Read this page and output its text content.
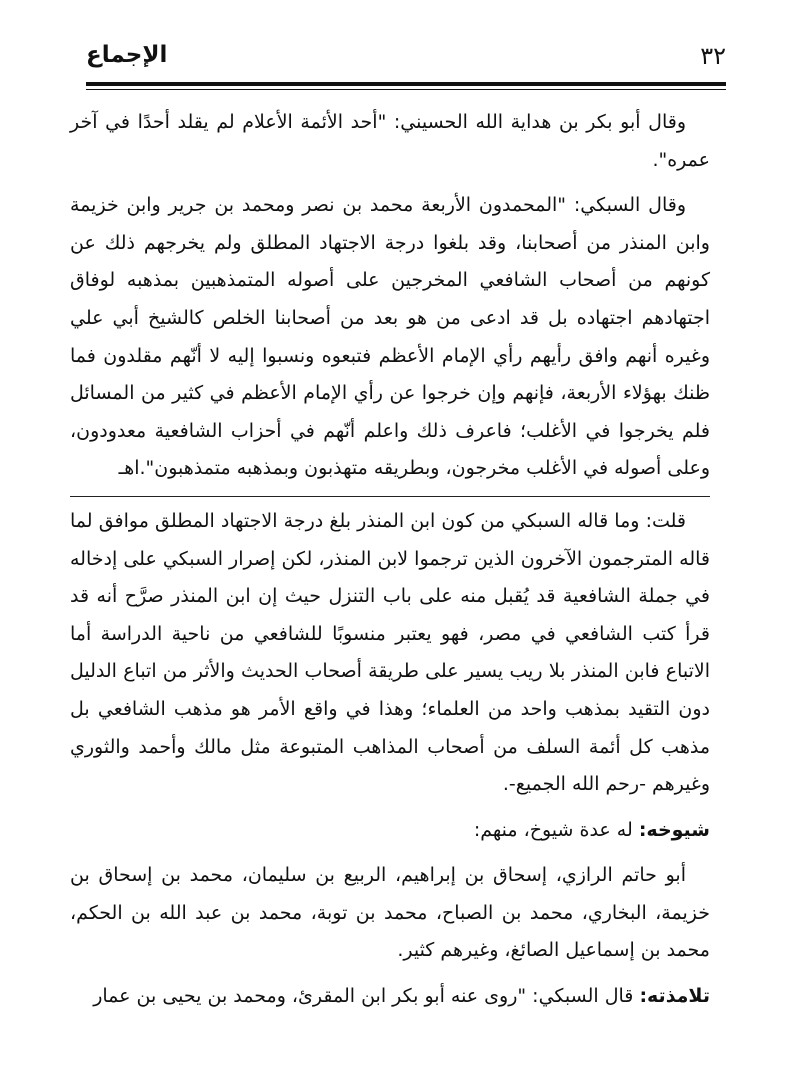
٣٢
الإجماع

وقال أبو بكر بن هداية الله الحسيني: "أحد الأئمة الأعلام لم يقلد أحدًا في آخر عمره".

وقال السبكي: "المحمدون الأربعة محمد بن نصر ومحمد بن جرير وابن خزيمة وابن المنذر من أصحابنا، وقد بلغوا درجة الاجتهاد المطلق ولم يخرجهم ذلك عن كونهم من أصحاب الشافعي المخرجين على أصوله المتمذهبين بمذهبه لوفاق اجتهادهم اجتهاده بل قد ادعى من هو بعد من أصحابنا الخلص كالشيخ أبي علي وغيره أنهم وافق رأيهم رأي الإمام الأعظم فتبعوه ونسبوا إليه لا أنّهم مقلدون فما ظنك بهؤلاء الأربعة، فإنهم وإن خرجوا عن رأي الإمام الأعظم في كثير من المسائل فلم يخرجوا في الأغلب؛ فاعرف ذلك واعلم أنّهم في أحزاب الشافعية معدودون، وعلى أصوله في الأغلب مخرجون، وبطريقه متهذبون وبمذهبه متمذهبون".اهـ

قلت: وما قاله السبكي من كون ابن المنذر بلغ درجة الاجتهاد المطلق موافق لما قاله المترجمون الآخرون الذين ترجموا لابن المنذر، لكن إصرار السبكي على إدخاله في جملة الشافعية قد يُقبل منه على باب التنزل حيث إن ابن المنذر صرَّح أنه قد قرأ كتب الشافعي في مصر، فهو يعتبر منسوبًا للشافعي من ناحية الدراسة أما الاتباع فابن المنذر بلا ريب يسير على طريقة أصحاب الحديث والأثر من اتباع الدليل دون التقيد بمذهب واحد من العلماء؛ وهذا في واقع الأمر هو مذهب الشافعي بل مذهب كل أئمة السلف من أصحاب المذاهب المتبوعة مثل مالك وأحمد والثوري وغيرهم -رحم الله الجميع-.

شيوخه: له عدة شيوخ، منهم:

أبو حاتم الرازي، إسحاق بن إبراهيم، الربيع بن سليمان، محمد بن إسحاق بن خزيمة، البخاري، محمد بن الصباح، محمد بن توبة، محمد بن عبد الله بن الحكم، محمد بن إسماعيل الصائغ، وغيرهم كثير.

تلامذته: قال السبكي: "روى عنه أبو بكر ابن المقرئ، ومحمد بن يحيى بن عمار
